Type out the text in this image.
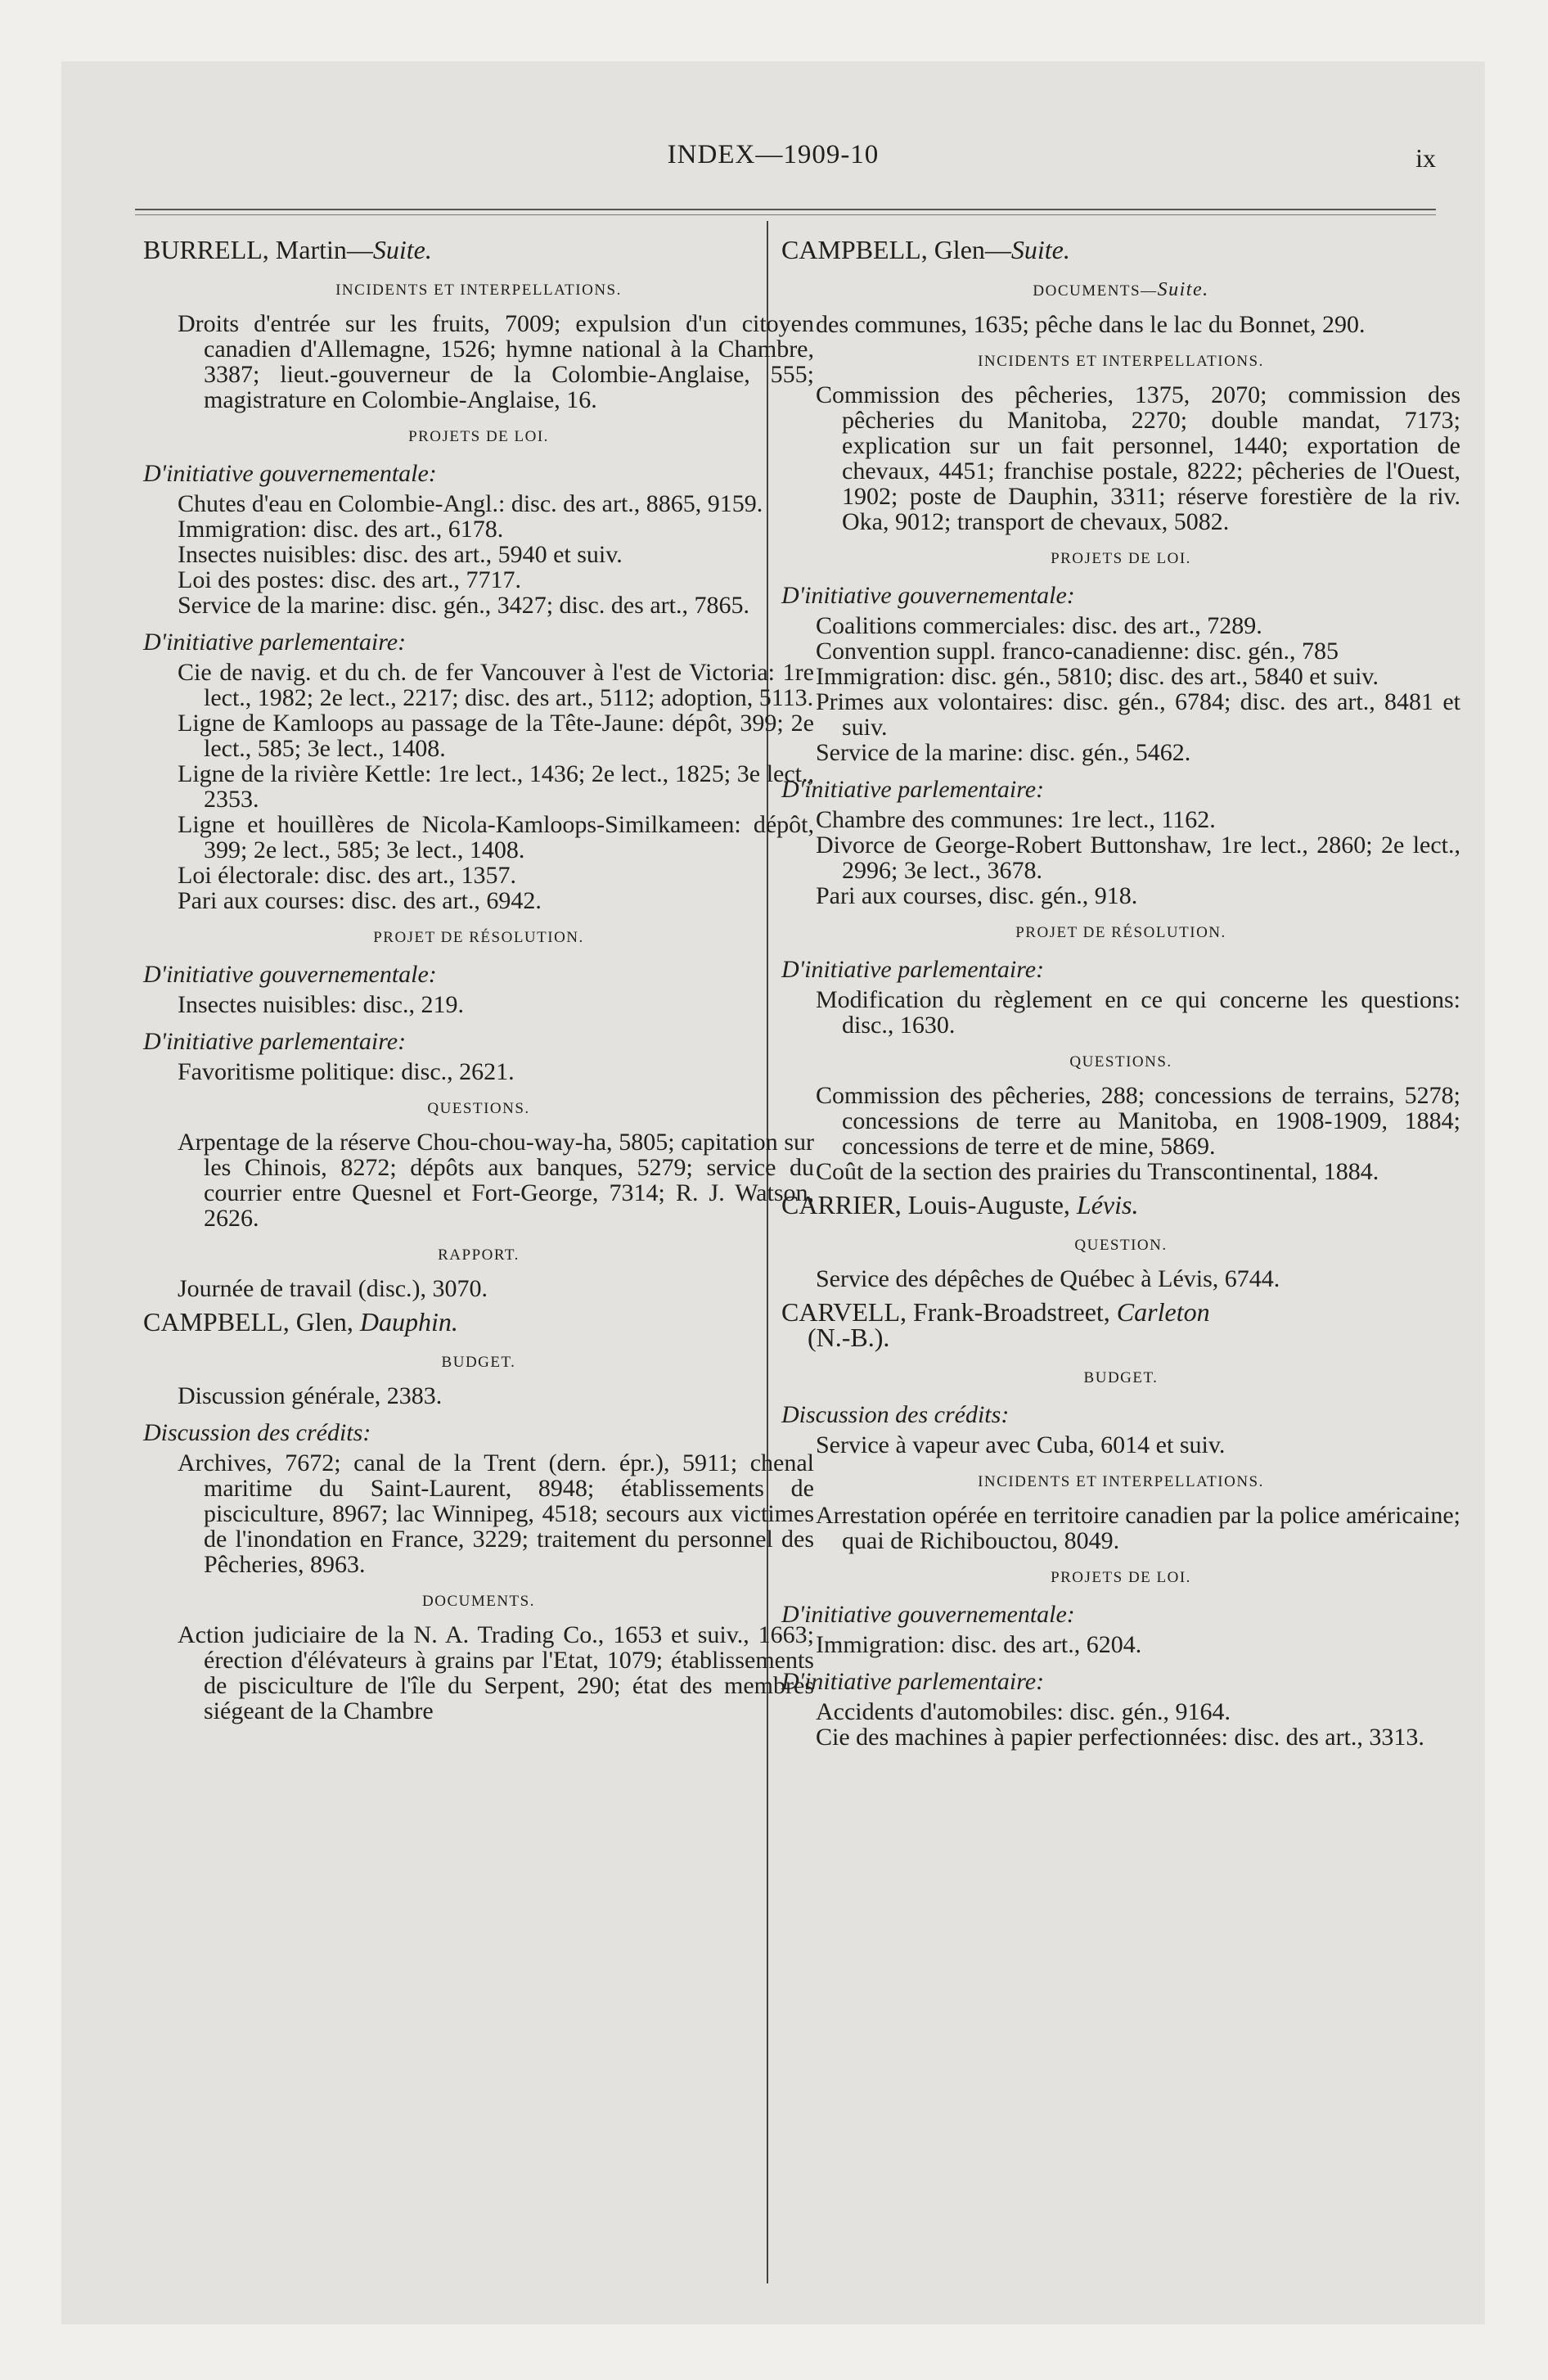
INDEX—1909-10	ix
BURRELL, Martin—Suite.
INCIDENTS ET INTERPELLATIONS.
Droits d'entrée sur les fruits, 7009; expulsion d'un citoyen canadien d'Allemagne, 1526; hymne national à la Chambre, 3387; lieut.-gouverneur de la Colombie-Anglaise, 555; magistrature en Colombie-Anglaise, 16.
PROJETS DE LOI.
D'initiative gouvernementale:
Chutes d'eau en Colombie-Angl.: disc. des art., 8865, 9159.
Immigration: disc. des art., 6178.
Insectes nuisibles: disc. des art., 5940 et suiv.
Loi des postes: disc. des art., 7717.
Service de la marine: disc. gén., 3427; disc. des art., 7865.
D'initiative parlementaire:
Cie de navig. et du ch. de fer Vancouver à l'est de Victoria: 1re lect., 1982; 2e lect., 2217; disc. des art., 5112; adoption, 5113.
Ligne de Kamloops au passage de la Tête-Jaune: dépôt, 399; 2e lect., 585; 3e lect., 1408.
Ligne de la rivière Kettle: 1re lect., 1436; 2e lect., 1825; 3e lect., 2353.
Ligne et houillères de Nicola-Kamloops-Similkameen: dépôt, 399; 2e lect., 585; 3e lect., 1408.
Loi électorale: disc. des art., 1357.
Pari aux courses: disc. des art., 6942.
PROJET DE RÉSOLUTION.
D'initiative gouvernementale:
Insectes nuisibles: disc., 219.
D'initiative parlementaire:
Favoritisme politique: disc., 2621.
QUESTIONS.
Arpentage de la réserve Chou-chou-way-ha, 5805; capitation sur les Chinois, 8272; dépôts aux banques, 5279; service du courrier entre Quesnel et Fort-George, 7314; R. J. Watson, 2626.
RAPPORT.
Journée de travail (disc.), 3070.
CAMPBELL, Glen, Dauphin.
BUDGET.
Discussion générale, 2383.
Discussion des crédits:
Archives, 7672; canal de la Trent (dern. épr.), 5911; chenal maritime du Saint-Laurent, 8948; établissements de pisciculture, 8967; lac Winnipeg, 4518; secours aux victimes de l'inondation en France, 3229; traitement du personnel des Pêcheries, 8963.
DOCUMENTS.
Action judiciaire de la N. A. Trading Co., 1653 et suiv., 1663; érection d'élévateurs à grains par l'Etat, 1079; établissements de pisciculture de l'île du Serpent, 290; état des membres siégeant de la Chambre
CAMPBELL, Glen—Suite.
DOCUMENTS—Suite.
des communes, 1635; pêche dans le lac du Bonnet, 290.
INCIDENTS ET INTERPELLATIONS.
Commission des pêcheries, 1375, 2070; commission des pêcheries du Manitoba, 2270; double mandat, 7173; explication sur un fait personnel, 1440; exportation de chevaux, 4451; franchise postale, 8222; pêcheries de l'Ouest, 1902; poste de Dauphin, 3311; réserve forestière de la riv. Oka, 9012; transport de chevaux, 5082.
PROJETS DE LOI.
D'initiative gouvernementale:
Coalitions commerciales: disc. des art., 7289.
Convention suppl. franco-canadienne: disc. gén., 785
Immigration: disc. gén., 5810; disc. des art., 5840 et suiv.
Primes aux volontaires: disc. gén., 6784; disc. des art., 8481 et suiv.
Service de la marine: disc. gén., 5462.
D'initiative parlementaire:
Chambre des communes: 1re lect., 1162.
Divorce de George-Robert Buttonshaw, 1re lect., 2860; 2e lect., 2996; 3e lect., 3678.
Pari aux courses, disc. gén., 918.
PROJET DE RÉSOLUTION.
D'initiative parlementaire:
Modification du règlement en ce qui concerne les questions: disc., 1630.
QUESTIONS.
Commission des pêcheries, 288; concessions de terrains, 5278; concessions de terre au Manitoba, en 1908-1909, 1884; concessions de terre et de mine, 5869.
Coût de la section des prairies du Transcontinental, 1884.
CARRIER, Louis-Auguste, Lévis.
QUESTION.
Service des dépêches de Québec à Lévis, 6744.
CARVELL, Frank-Broadstreet, Carleton
(N.-B.).
BUDGET.
Discussion des crédits:
Service à vapeur avec Cuba, 6014 et suiv.
INCIDENTS ET INTERPELLATIONS.
Arrestation opérée en territoire canadien par la police américaine; quai de Richibouctou, 8049.
PROJETS DE LOI.
D'initiative gouvernementale:
Immigration: disc. des art., 6204.
D'initiative parlementaire:
Accidents d'automobiles: disc. gén., 9164.
Cie des machines à papier perfectionnées: disc. des art., 3313.
